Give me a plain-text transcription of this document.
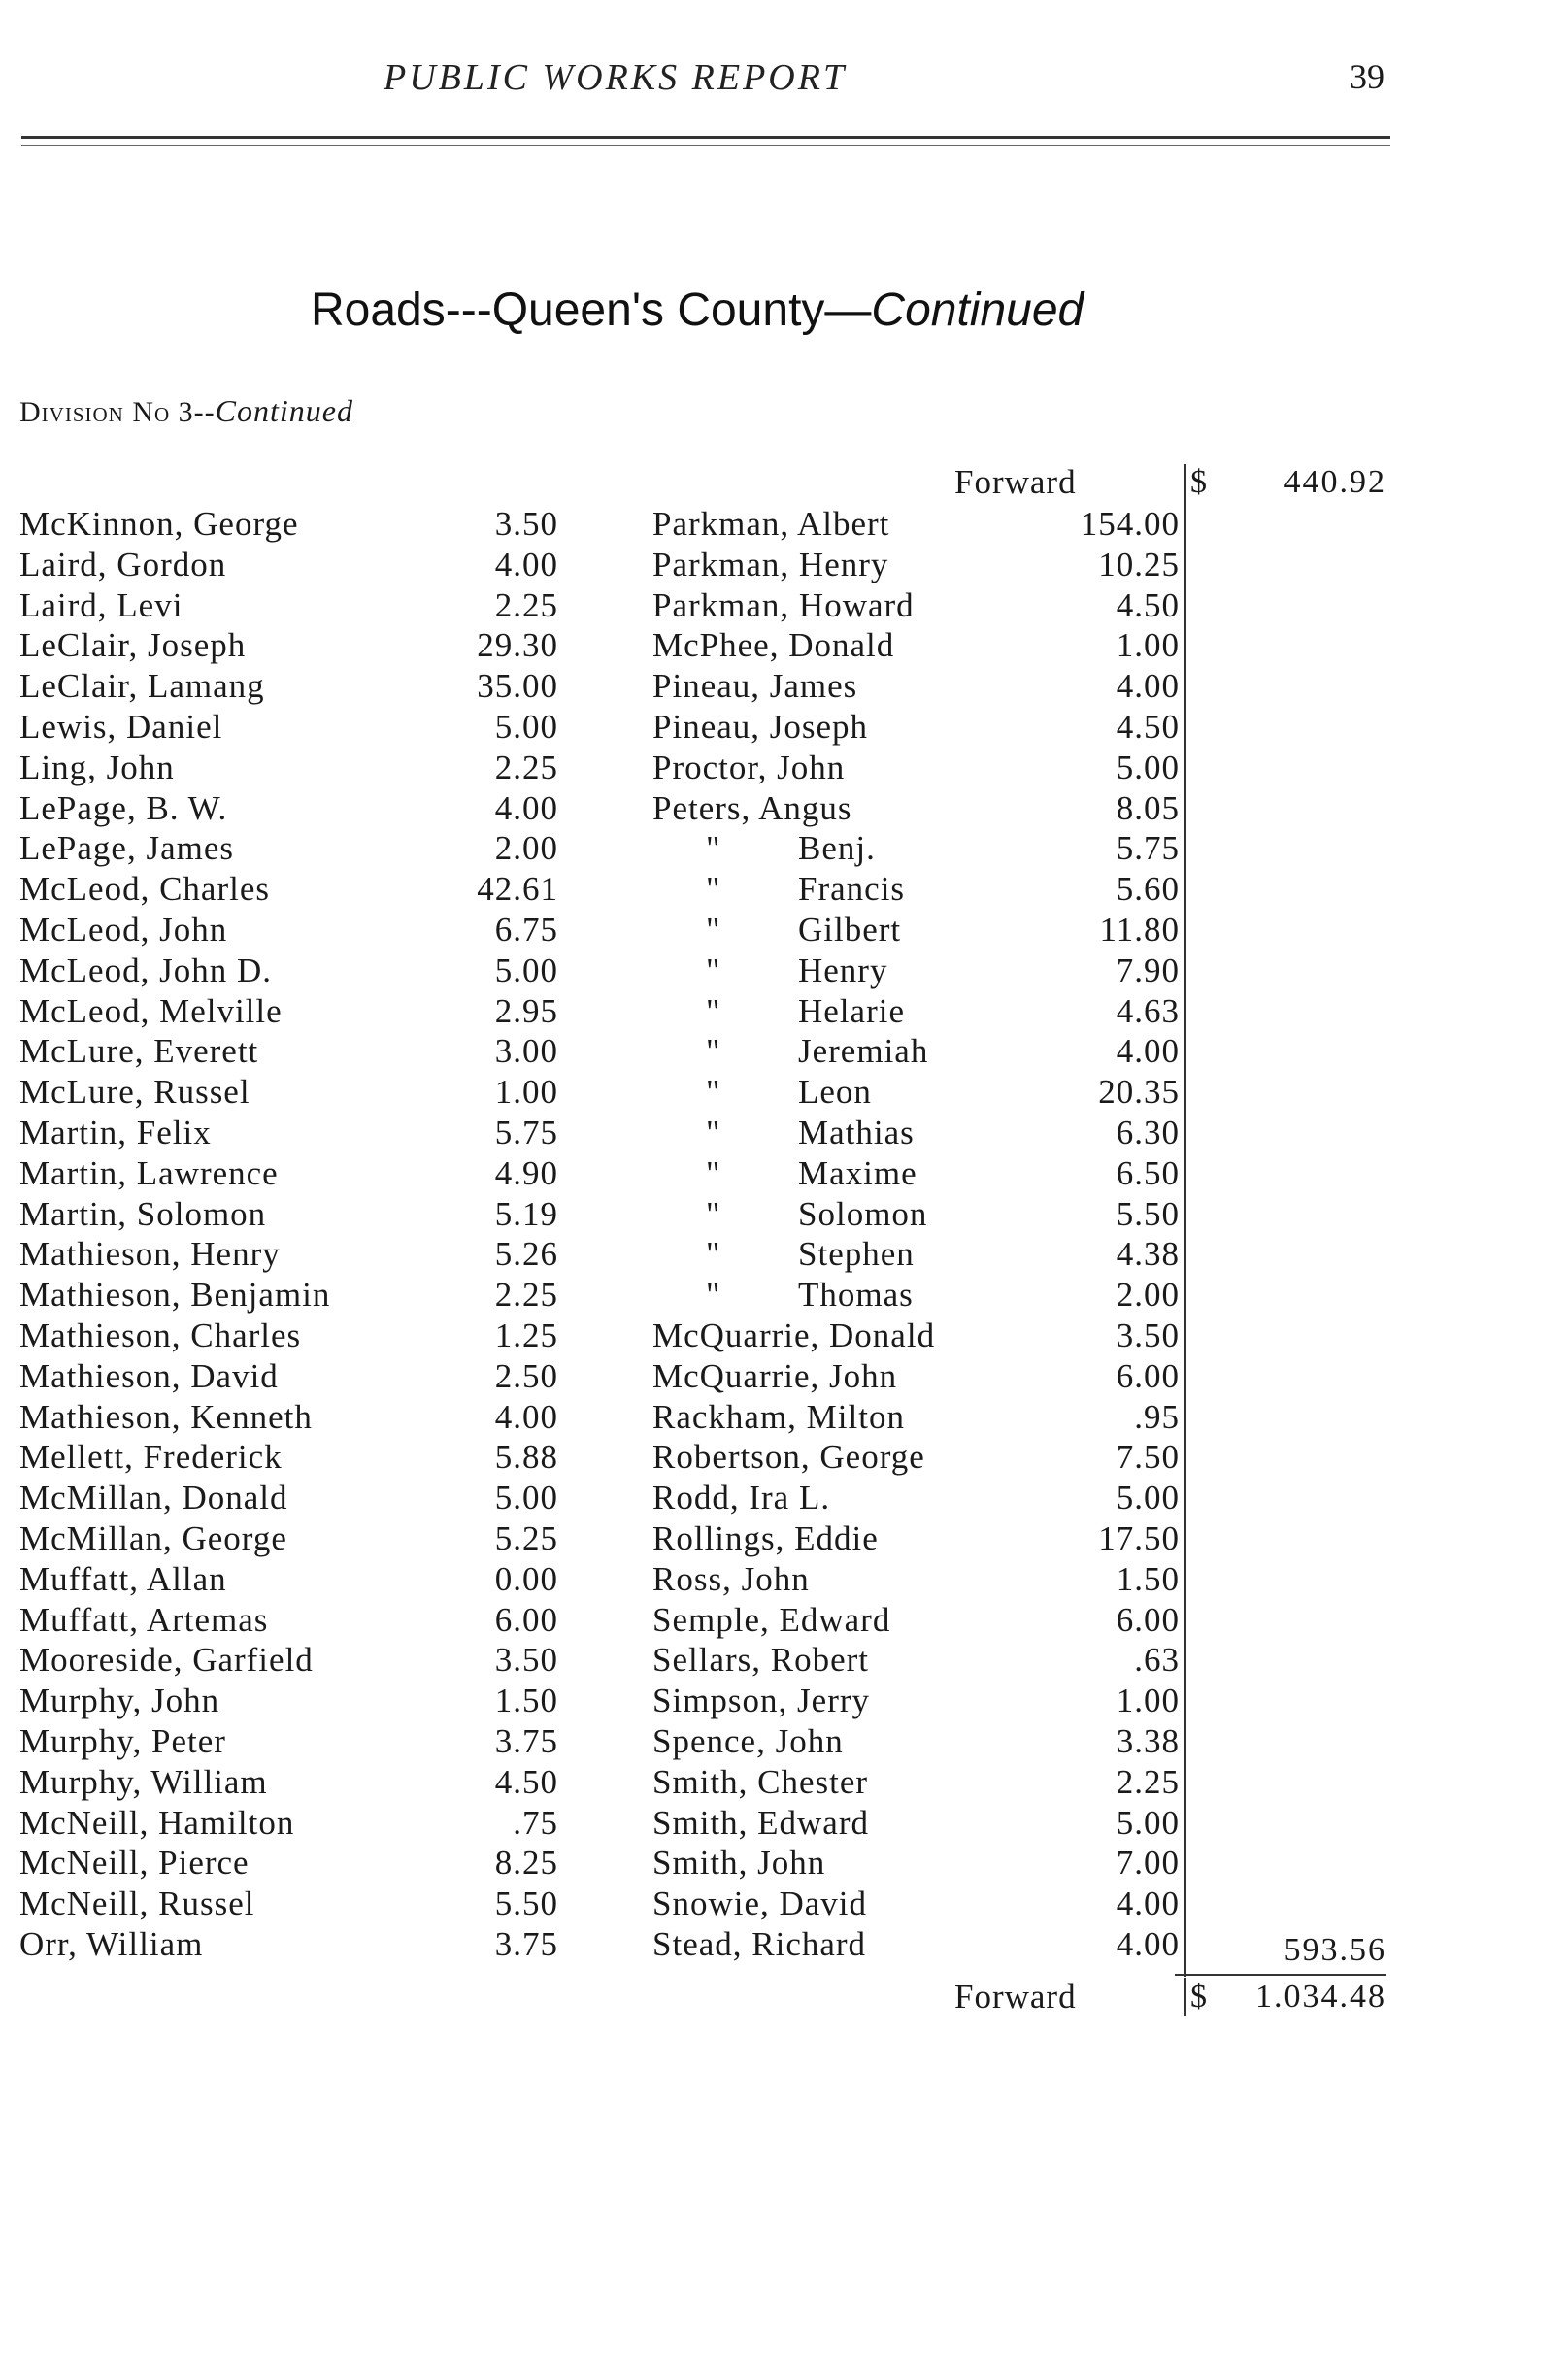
PUBLIC WORKS REPORT	39
Roads---Queen's County—Continued
Division No 3--Continued
Forward	$	440.92
McKinnon, George	3.50
Laird, Gordon	4.00
Laird, Levi	2.25
LeClair, Joseph	29.30
LeClair, Lamang	35.00
Lewis, Daniel	5.00
Ling, John	2.25
LePage, B. W.	4.00
LePage, James	2.00
McLeod, Charles	42.61
McLeod, John	6.75
McLeod, John D.	5.00
McLeod, Melville	2.95
McLure, Everett	3.00
McLure, Russel	1.00
Martin, Felix	5.75
Martin, Lawrence	4.90
Martin, Solomon	5.19
Mathieson, Henry	5.26
Mathieson, Benjamin	2.25
Mathieson, Charles	1.25
Mathieson, David	2.50
Mathieson, Kenneth	4.00
Mellett, Frederick	5.88
McMillan, Donald	5.00
McMillan, George	5.25
Muffatt, Allan	0.00
Muffatt, Artemas	6.00
Mooreside, Garfield	3.50
Murphy, John	1.50
Murphy, Peter	3.75
Murphy, William	4.50
McNeill, Hamilton	.75
McNeill, Pierce	8.25
McNeill, Russel	5.50
Orr, William	3.75
Parkman, Albert	154.00
Parkman, Henry	10.25
Parkman, Howard	4.50
McPhee, Donald	1.00
Pineau, James	4.00
Pineau, Joseph	4.50
Proctor, John	5.00
Peters, Angus	8.05
" Benj.	5.75
" Francis	5.60
" Gilbert	11.80
" Henry	7.90
" Helarie	4.63
" Jeremiah	4.00
" Leon	20.35
" Mathias	6.30
" Maxime	6.50
" Solomon	5.50
" Stephen	4.38
" Thomas	2.00
McQuarrie, Donald	3.50
McQuarrie, John	6.00
Rackham, Milton	.95
Robertson, George	7.50
Rodd, Ira L.	5.00
Rollings, Eddie	17.50
Ross, John	1.50
Semple, Edward	6.00
Sellars, Robert	.63
Simpson, Jerry	1.00
Spence, John	3.38
Smith, Chester	2.25
Smith, Edward	5.00
Smith, John	7.00
Snowie, David	4.00
Stead, Richard	4.00	593.56
Forward	$	1.034.48
